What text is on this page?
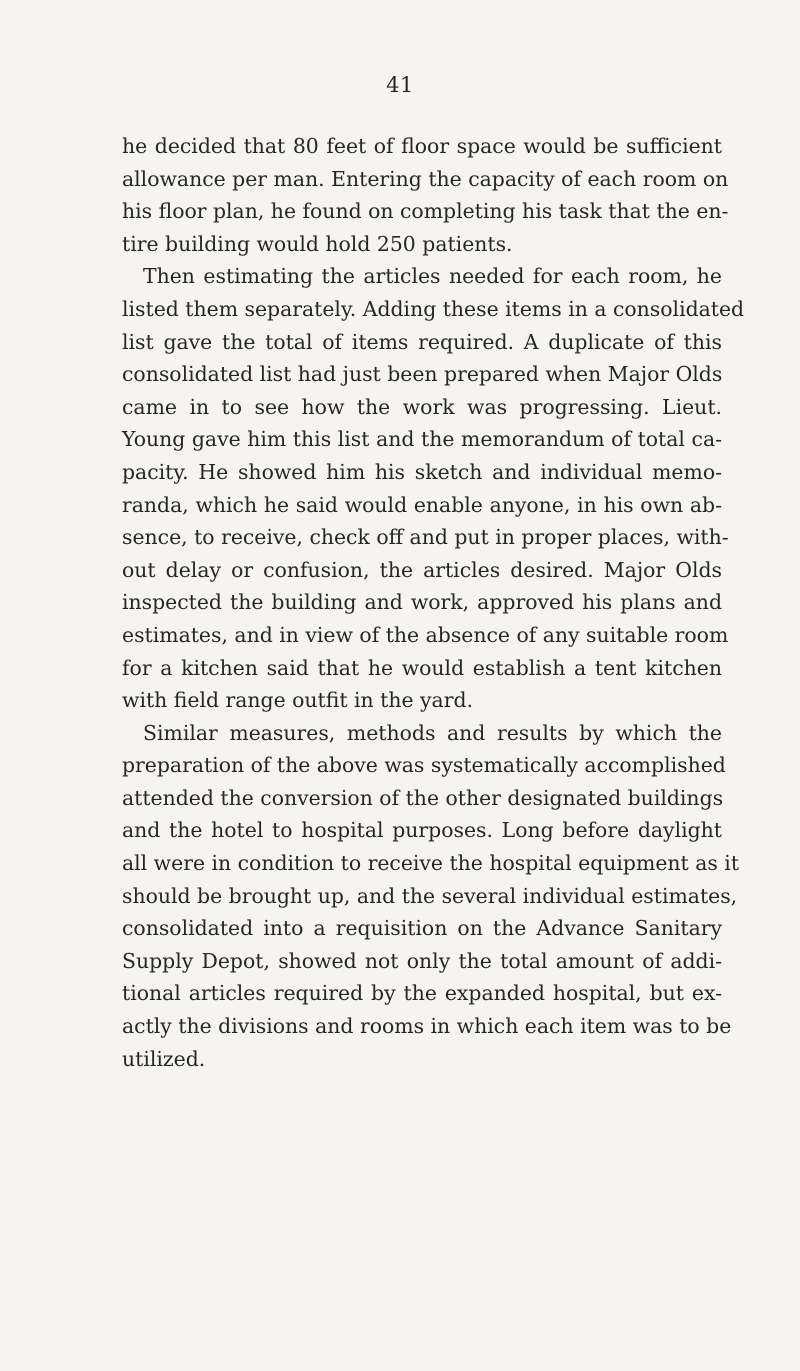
41
he decided that 80 feet of floor space would be sufficient
allowance per man. Entering the capacity of each room on
his floor plan, he found on completing his task that the en-
tire building would hold 250 patients.
Then estimating the articles needed for each room, he
listed them separately. Adding these items in a consolidated
list gave the total of items required. A duplicate of this
consolidated list had just been prepared when Major Olds
came in to see how the work was progressing. Lieut.
Young gave him this list and the memorandum of total ca-
pacity. He showed him his sketch and individual memo-
randa, which he said would enable anyone, in his own ab-
sence, to receive, check off and put in proper places, with-
out delay or confusion, the articles desired. Major Olds
inspected the building and work, approved his plans and
estimates, and in view of the absence of any suitable room
for a kitchen said that he would establish a tent kitchen
with field range outfit in the yard.
Similar measures, methods and results by which the
preparation of the above was systematically accomplished
attended the conversion of the other designated buildings
and the hotel to hospital purposes. Long before daylight
all were in condition to receive the hospital equipment as it
should be brought up, and the several individual estimates,
consolidated into a requisition on the Advance Sanitary
Supply Depot, showed not only the total amount of addi-
tional articles required by the expanded hospital, but ex-
actly the divisions and rooms in which each item was to be
utilized.
